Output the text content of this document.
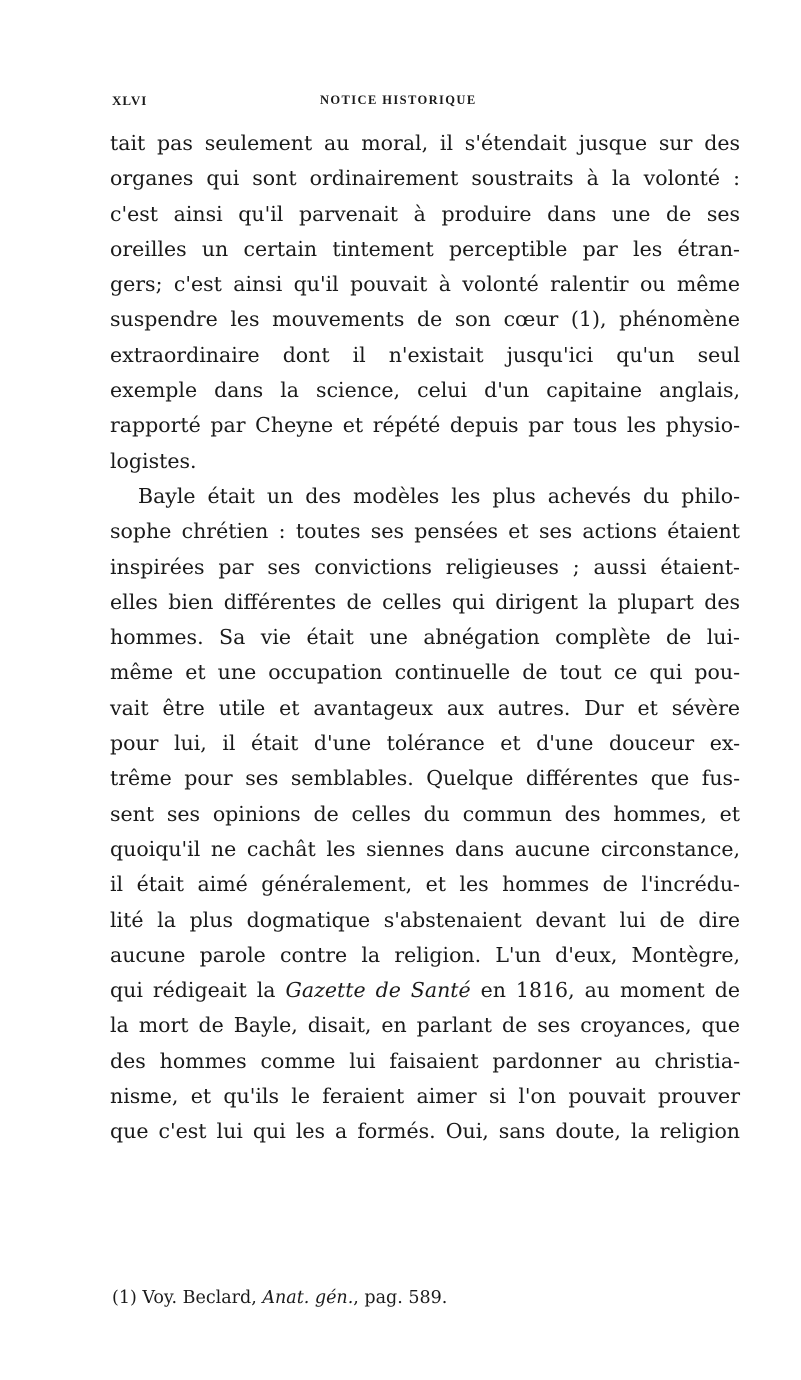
XLVI	NOTICE HISTORIQUE
tait pas seulement au moral, il s'étendait jusque sur des
organes qui sont ordinairement soustraits à la volonté :
c'est ainsi qu'il parvenait à produire dans une de ses
oreilles un certain tintement perceptible par les étran-
gers; c'est ainsi qu'il pouvait à volonté ralentir ou même
suspendre les mouvements de son cœur (1), phénomène
extraordinaire dont il n'existait jusqu'ici qu'un seul
exemple dans la science, celui d'un capitaine anglais,
rapporté par Cheyne et répété depuis par tous les physio-
logistes.
Bayle était un des modèles les plus achevés du philo-
sophe chrétien : toutes ses pensées et ses actions étaient
inspirées par ses convictions religieuses ; aussi étaient-
elles bien différentes de celles qui dirigent la plupart des
hommes. Sa vie était une abnégation complète de lui-
même et une occupation continuelle de tout ce qui pou-
vait être utile et avantageux aux autres. Dur et sévère
pour lui, il était d'une tolérance et d'une douceur ex-
trême pour ses semblables. Quelque différentes que fus-
sent ses opinions de celles du commun des hommes, et
quoiqu'il ne cachât les siennes dans aucune circonstance,
il était aimé généralement, et les hommes de l'incrédu-
lité la plus dogmatique s'abstenaient devant lui de dire
aucune parole contre la religion. L'un d'eux, Montègre,
qui rédigeait la Gazette de Santé en 1816, au moment de
la mort de Bayle, disait, en parlant de ses croyances, que
des hommes comme lui faisaient pardonner au christia-
nisme, et qu'ils le feraient aimer si l'on pouvait prouver
que c'est lui qui les a formés. Oui, sans doute, la religion
(1) Voy. Beclard, Anat. gén., pag. 589.
